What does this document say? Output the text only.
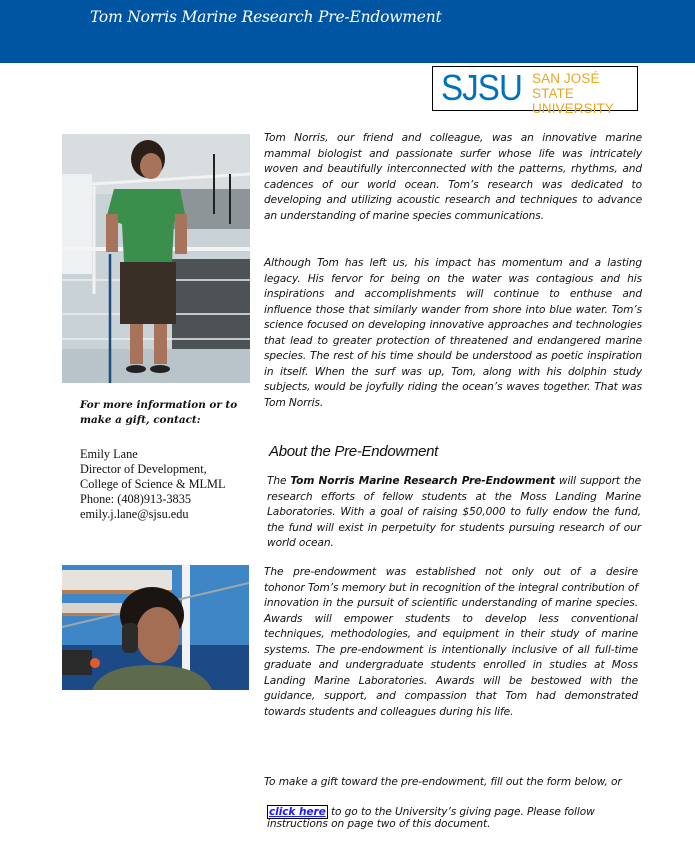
Tom Norris Marine Research Pre-Endowment
SJSU SAN JOSÉ STATE
UNIVERSITY
For more information or to make a gift, contact:
Emily Lane
Director of Development,
College of Science & MLML
Phone: (408)913-3835
emily.j.lane@sjsu.edu
Tom Norris, our friend and colleague, was an innovative marine mammal biologist and passionate surfer whose life was intricately woven and beautifully interconnected with the patterns, rhythms, and cadences of our world ocean. Tom’s research was dedicated to developing and utilizing acoustic research and techniques to advance an understanding of marine species communications.
Although Tom has left us, his impact has momentum and a lasting legacy. His fervor for being on the water was contagious and his inspirations and accomplishments will continue to enthuse and influence those that similarly wander from shore into blue water. Tom’s science focused on developing innovative approaches and technologies that lead to greater protection of threatened and endangered marine species. The rest of his time should be understood as poetic inspiration in itself. When the surf was up, Tom, along with his dolphin study subjects, would be joyfully riding the ocean’s waves together. That was Tom Norris.
About the Pre-Endowment
The Tom Norris Marine Research Pre-Endowment will support the research efforts of fellow students at the Moss Landing Marine Laboratories. With a goal of raising $50,000 to fully endow the fund, the fund will exist in perpetuity for students pursuing research of our world ocean.
The pre-endowment was established not only out of a desire
tohonor Tom’s memory but in recognition of the integral contribution of innovation in the pursuit of scientific understanding of marine species. Awards will empower students to develop less conventional techniques, methodologies, and equipment in their study of marine systems. The pre-endowment is intentionally inclusive of all full-time graduate and undergraduate students enrolled in studies at Moss Landing Marine Laboratories. Awards will be bestowed with the guidance, support, and compassion that Tom had demonstrated towards students and colleagues during his life.
To make a gift toward the pre-endowment, fill out the form below, or
click here to go to the University’s giving page. Please follow instructions on page two of this document.
